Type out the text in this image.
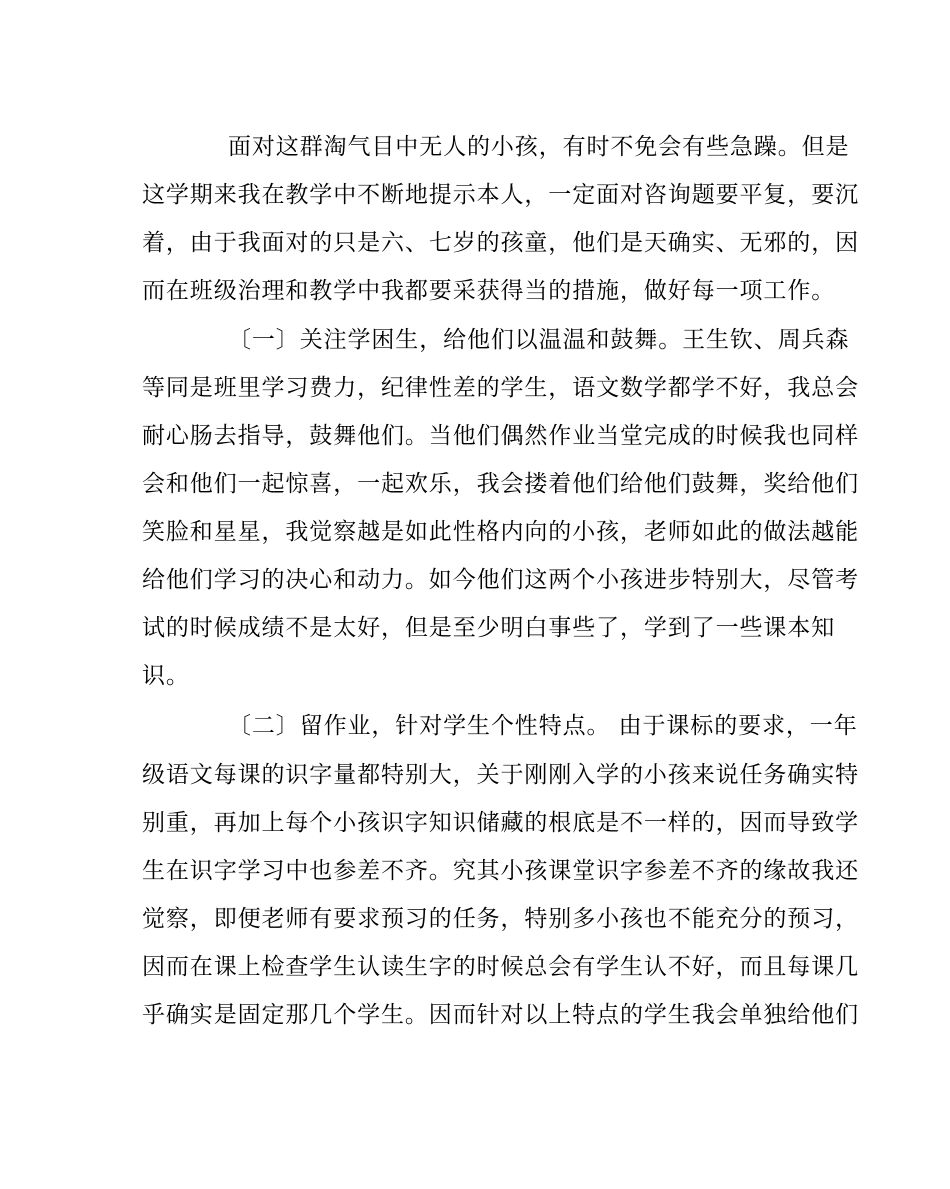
面对这群淘气目中无人的小孩，有时不免会有些急躁。但是
这学期来我在教学中不断地提示本人，一定面对咨询题要平复，要沉
着，由于我面对的只是六、七岁的孩童，他们是天确实、无邪的，因
而在班级治理和教学中我都要采获得当的措施，做好每一项工作。
〔一〕关注学困生，给他们以温温和鼓舞。王生钦、周兵森
等同是班里学习费力，纪律性差的学生，语文数学都学不好，我总会
耐心肠去指导，鼓舞他们。当他们偶然作业当堂完成的时候我也同样
会和他们一起惊喜，一起欢乐，我会搂着他们给他们鼓舞，奖给他们
笑脸和星星，我觉察越是如此性格内向的小孩，老师如此的做法越能
给他们学习的决心和动力。如今他们这两个小孩进步特别大，尽管考
试的时候成绩不是太好，但是至少明白事些了，学到了一些课本知
识。
〔二〕留作业，针对学生个性特点。 由于课标的要求，一年
级语文每课的识字量都特别大，关于刚刚入学的小孩来说任务确实特
别重，再加上每个小孩识字知识储藏的根底是不一样的，因而导致学
生在识字学习中也参差不齐。究其小孩课堂识字参差不齐的缘故我还
觉察，即便老师有要求预习的任务，特别多小孩也不能充分的预习，
因而在课上检查学生认读生字的时候总会有学生认不好，而且每课几
乎确实是固定那几个学生。因而针对以上特点的学生我会单独给他们
